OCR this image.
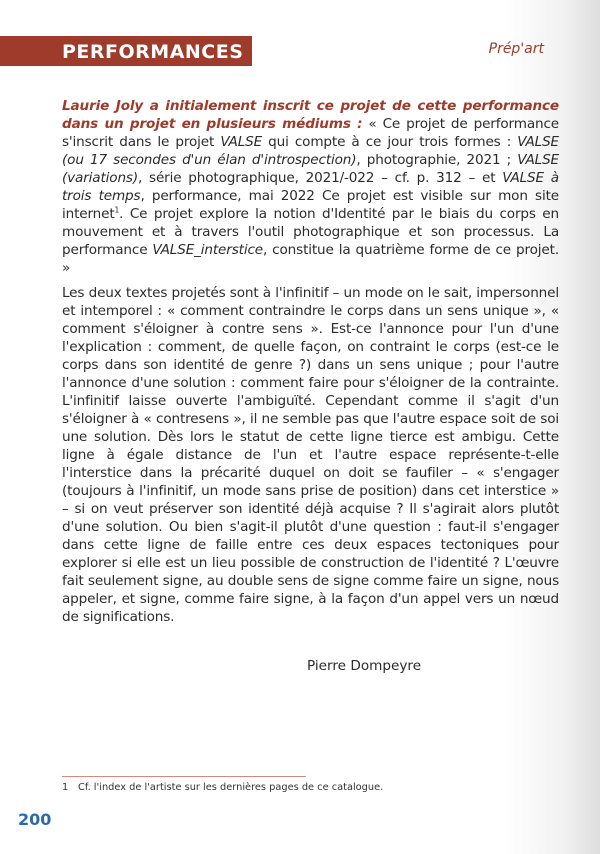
PERFORMANCES	Prép'art

Laurie Joly a initialement inscrit ce projet de cette performance dans un projet en plusieurs médiums : « Ce projet de performance s'inscrit dans le projet VALSE qui compte à ce jour trois formes : VALSE (ou 17 secondes d'un élan d'introspection), photographie, 2021 ; VALSE (variations), série photographique, 2021/-022 – cf. p. 312 – et VALSE à trois temps, performance, mai 2022 Ce projet est visible sur mon site internet$^1$. Ce projet explore la notion d'Identité par le biais du corps en mouvement et à travers l'outil photographique et son processus. La performance VALSE_interstice, constitue la quatrième forme de ce projet. »

Les deux textes projetés sont à l'infinitif – un mode on le sait, impersonnel et intemporel : « comment contraindre le corps dans un sens unique », « comment s'éloigner à contre sens ». Est-ce l'annonce pour l'un d'une l'explication : comment, de quelle façon, on contraint le corps (est-ce le corps dans son identité de genre ?) dans un sens unique ; pour l'autre l'annonce d'une solution : comment faire pour s'éloigner de la contrainte. L'infinitif laisse ouverte l'ambiguïté. Cependant comme il s'agit d'un s'éloigner à « contresens », il ne semble pas que l'autre espace soit de soi une solution. Dès lors le statut de cette ligne tierce est ambigu. Cette ligne à égale distance de l'un et l'autre espace représente-t-elle l'interstice dans la précarité duquel on doit se faufiler – « s'engager (toujours à l'infinitif, un mode sans prise de position) dans cet interstice » – si on veut préserver son identité déjà acquise ? Il s'agirait alors plutôt d'une solution. Ou bien s'agit-il plutôt d'une question : faut-il s'engager dans cette ligne de faille entre ces deux espaces tectoniques pour explorer si elle est un lieu possible de construction de l'identité ? L'œuvre fait seulement signe, au double sens de signe comme faire un signe, nous appeler, et signe, comme faire signe, à la façon d'un appel vers un nœud de significations.

Pierre Dompeyre
1 Cf. l'index de l'artiste sur les dernières pages de ce catalogue.
200
